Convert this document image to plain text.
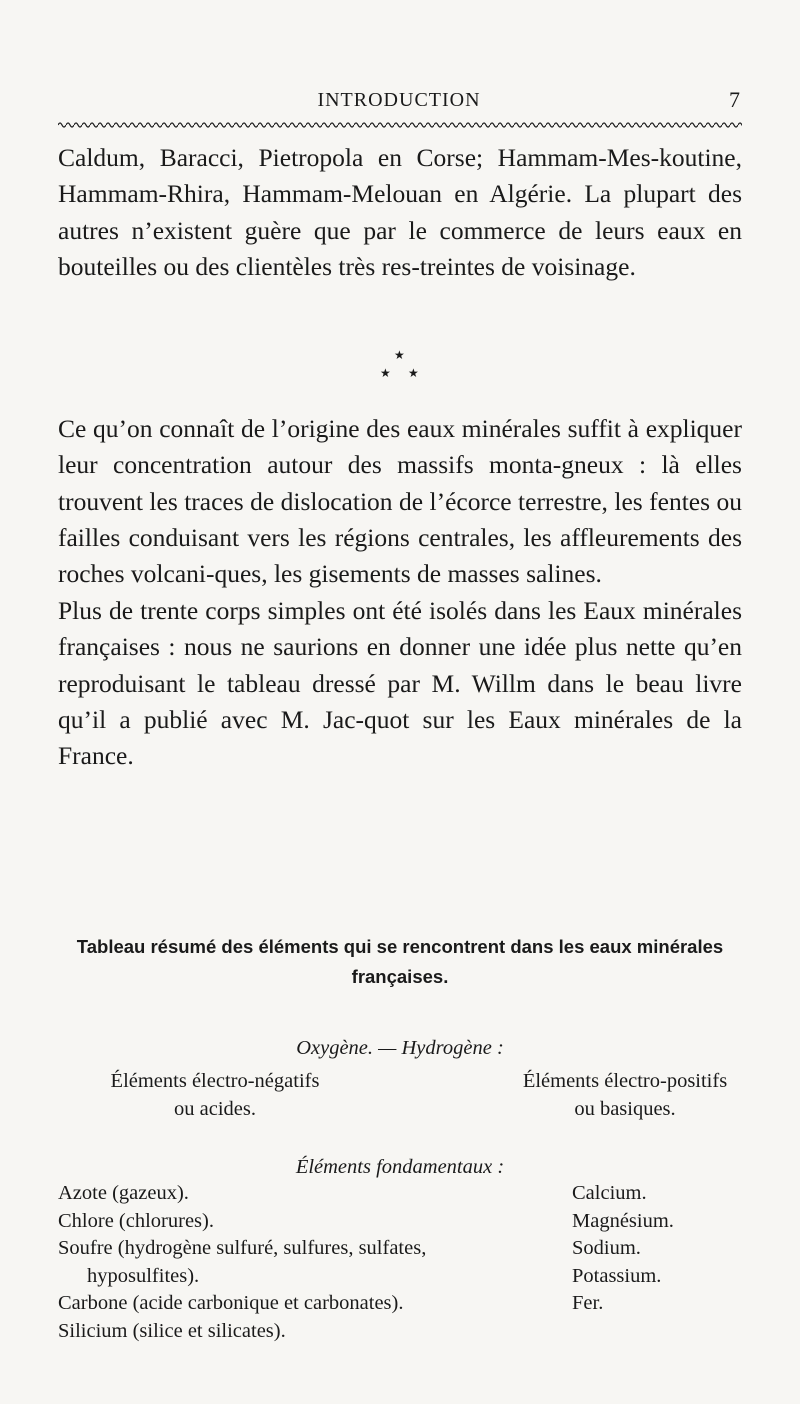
INTRODUCTION	7

Caldum, Baracci, Pietropola en Corse; Hammam-Mes-koutine, Hammam-Rhira, Hammam-Melouan en Algérie. La plupart des autres n’existent guère que par le commerce de leurs eaux en bouteilles ou des clientèles très res-treintes de voisinage.

★
★ ★

Ce qu’on connaît de l’origine des eaux minérales suffit à expliquer leur concentration autour des massifs monta-gneux : là elles trouvent les traces de dislocation de l’écorce terrestre, les fentes ou failles conduisant vers les régions centrales, les affleurements des roches volcani-ques, les gisements de masses salines.

Plus de trente corps simples ont été isolés dans les Eaux minérales françaises : nous ne saurions en donner une idée plus nette qu’en reproduisant le tableau dressé par M. Willm dans le beau livre qu’il a publié avec M. Jac-quot sur les Eaux minérales de la France.

Tableau résumé des éléments qui se rencontrent dans les eaux minérales françaises.

Oxygène. — Hydrogène :
Éléments électro-négatifs
ou acides.
Éléments électro-positifs
ou basiques.
Éléments fondamentaux :
Azote (gazeux).
Chlore (chlorures).
Soufre (hydrogène sulfuré, sulfures, sulfates,
hyposulfites).
Carbone (acide carbonique et carbonates).
Silicium (silice et silicates).
Calcium.
Magnésium.
Sodium.
Potassium.
Fer.
